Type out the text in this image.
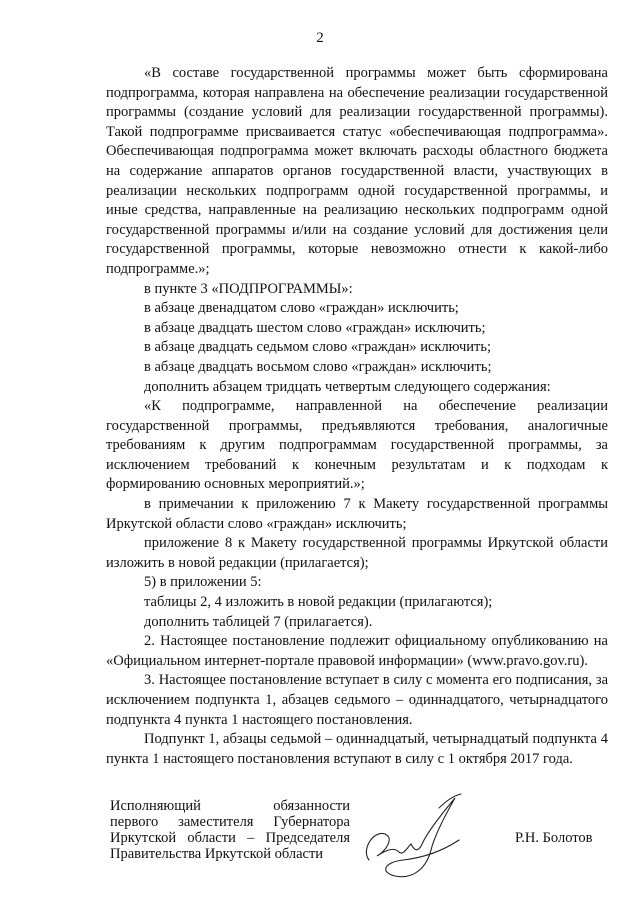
2

«В составе государственной программы может быть сформирована подпрограмма, которая направлена на обеспечение реализации государственной программы (создание условий для реализации государственной программы). Такой подпрограмме присваивается статус «обеспечивающая подпрограмма». Обеспечивающая подпрограмма может включать расходы областного бюджета на содержание аппаратов органов государственной власти, участвующих в реализации нескольких подпрограмм одной государственной программы, и иные средства, направленные на реализацию нескольких подпрограмм одной государственной программы и/или на создание условий для достижения цели государственной программы, которые невозможно отнести к какой-либо подпрограмме.»;

в пункте 3 «ПОДПРОГРАММЫ»:

в абзаце двенадцатом слово «граждан» исключить;

в абзаце двадцать шестом слово «граждан» исключить;

в абзаце двадцать седьмом слово «граждан» исключить;

в абзаце двадцать восьмом слово «граждан» исключить;

дополнить абзацем тридцать четвертым следующего содержания:

«К подпрограмме, направленной на обеспечение реализации государственной программы, предъявляются требования, аналогичные требованиям к другим подпрограммам государственной программы, за исключением требований к конечным результатам и к подходам к формированию основных мероприятий.»;

в примечании к приложению 7 к Макету государственной программы Иркутской области слово «граждан» исключить;

приложение 8 к Макету государственной программы Иркутской области изложить в новой редакции (прилагается);

5) в приложении 5:

таблицы 2, 4 изложить в новой редакции (прилагаются);

дополнить таблицей 7 (прилагается).

2. Настоящее постановление подлежит официальному опубликованию на «Официальном интернет-портале правовой информации» (www.pravo.gov.ru).

3. Настоящее постановление вступает в силу с момента его подписания, за исключением подпункта 1, абзацев седьмого – одиннадцатого, четырнадцатого подпункта 4 пункта 1 настоящего постановления.

Подпункт 1, абзацы седьмой – одиннадцатый, четырнадцатый подпункта 4 пункта 1 настоящего постановления вступают в силу с 1 октября 2017 года.

Исполняющий обязанности
первого заместителя Губернатора
Иркутской области – Председателя
Правительства Иркутской области
Р.Н. Болотов
